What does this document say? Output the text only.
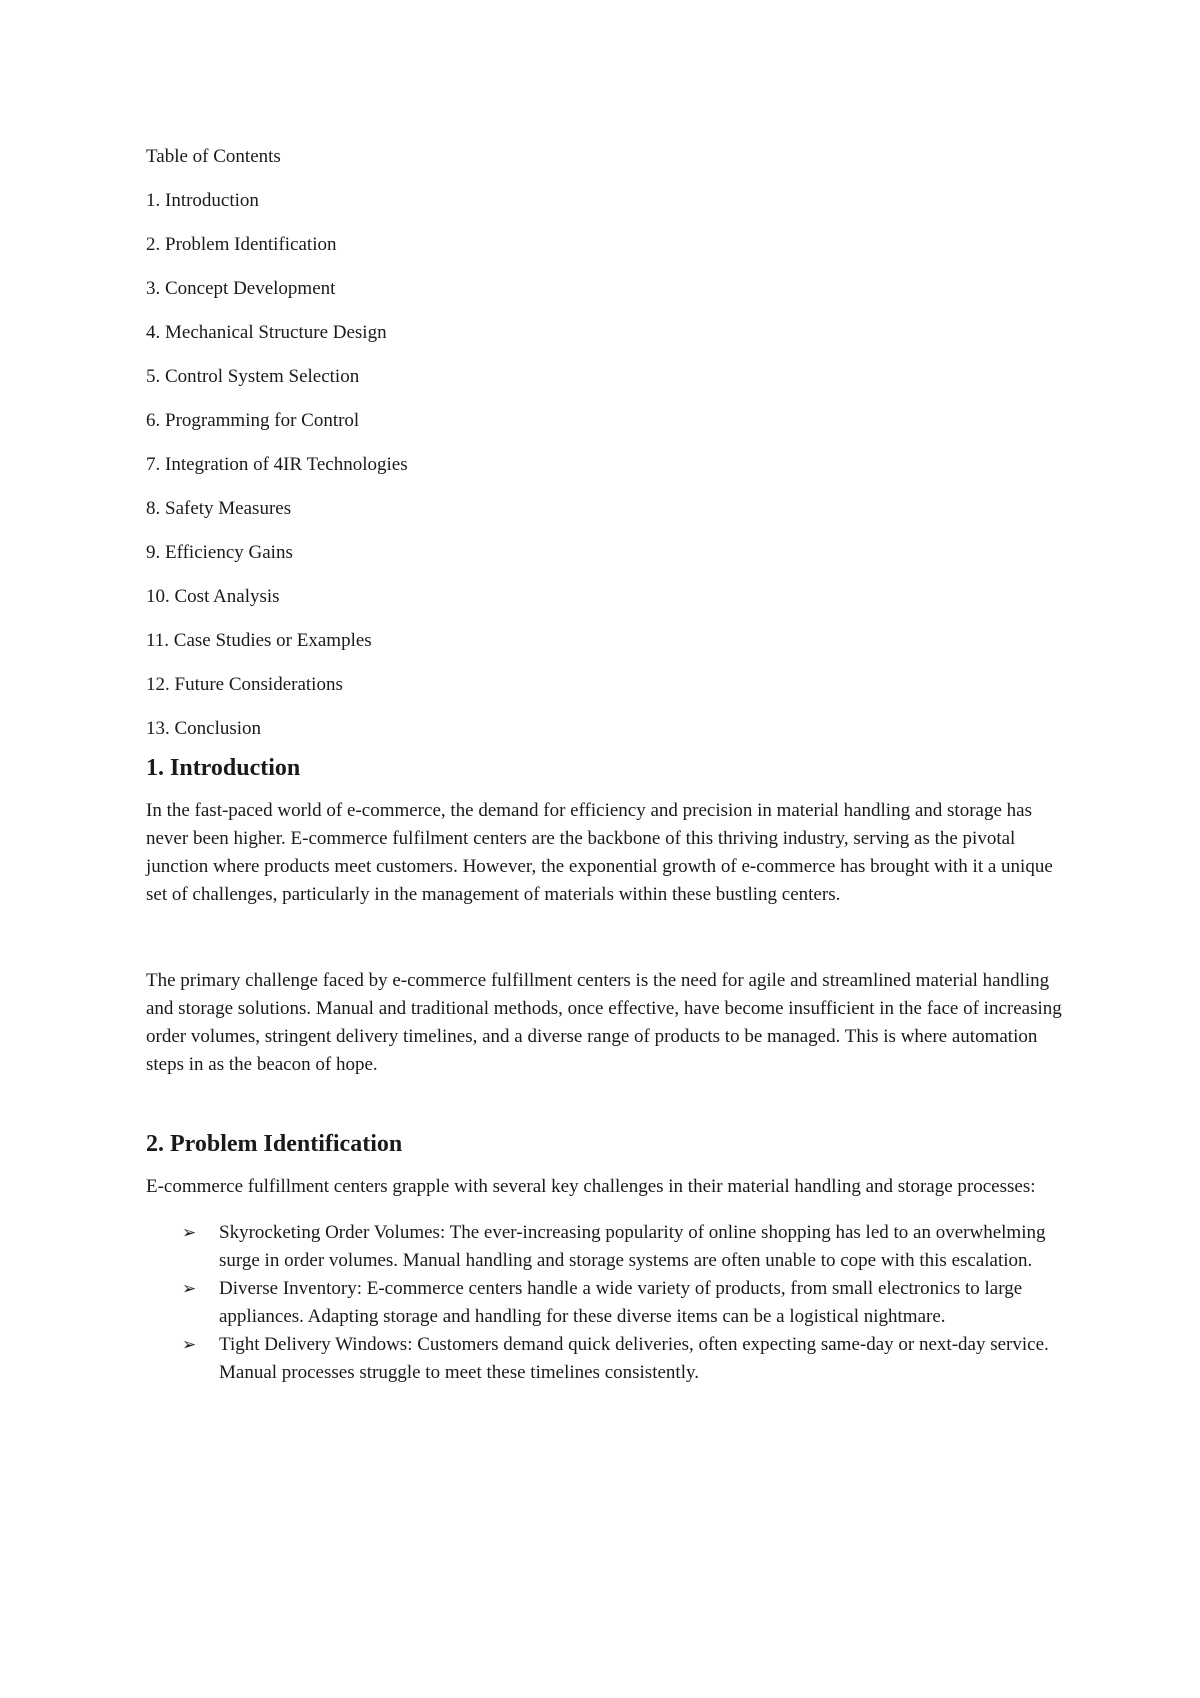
Table of Contents

1. Introduction
2. Problem Identification
3. Concept Development
4. Mechanical Structure Design
5. Control System Selection
6. Programming for Control
7. Integration of 4IR Technologies
8. Safety Measures
9. Efficiency Gains
10. Cost Analysis
11. Case Studies or Examples
12. Future Considerations
13. Conclusion
1. Introduction

In the fast-paced world of e-commerce, the demand for efficiency and precision in material handling and storage has never been higher. E-commerce fulfilment centers are the backbone of this thriving industry, serving as the pivotal junction where products meet customers. However, the exponential growth of e-commerce has brought with it a unique set of challenges, particularly in the management of materials within these bustling centers.

The primary challenge faced by e-commerce fulfillment centers is the need for agile and streamlined material handling and storage solutions. Manual and traditional methods, once effective, have become insufficient in the face of increasing order volumes, stringent delivery timelines, and a diverse range of products to be managed. This is where automation steps in as the beacon of hope.

2. Problem Identification

E-commerce fulfillment centers grapple with several key challenges in their material handling and storage processes:

➢ Skyrocketing Order Volumes: The ever-increasing popularity of online shopping has led to an overwhelming surge in order volumes. Manual handling and storage systems are often unable to cope with this escalation.
➢ Diverse Inventory: E-commerce centers handle a wide variety of products, from small electronics to large appliances. Adapting storage and handling for these diverse items can be a logistical nightmare.
➢ Tight Delivery Windows: Customers demand quick deliveries, often expecting same-day or next-day service. Manual processes struggle to meet these timelines consistently.
